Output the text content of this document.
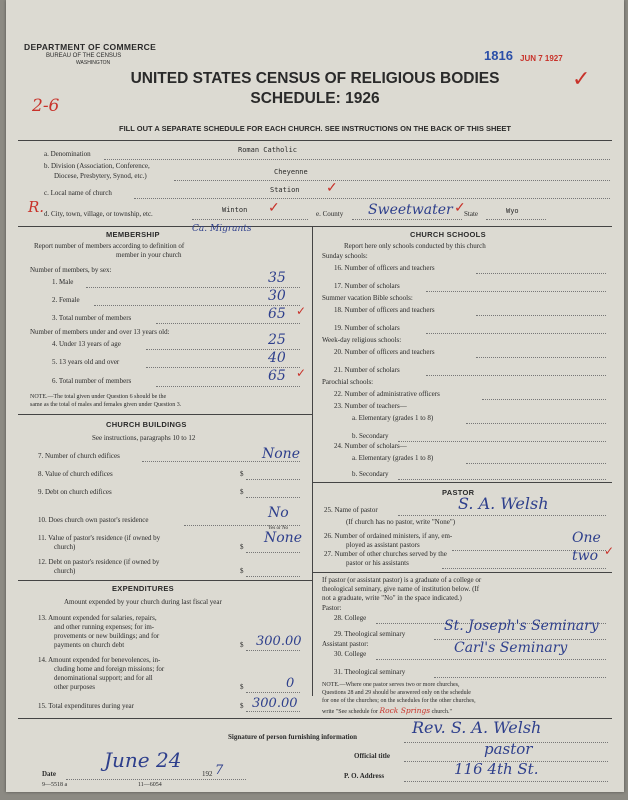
DEPARTMENT OF COMMERCE
BUREAU OF THE CENSUS
WASHINGTON	1816 JUN 7 1927
✓
UNITED STATES CENSUS OF RELIGIOUS BODIES
SCHEDULE: 1926
2-6
FILL OUT A SEPARATE SCHEDULE FOR EACH CHURCH. SEE INSTRUCTIONS ON THE BACK OF THIS SHEET
a. Denomination	Roman Catholic
b. Division (Association, Conference,
Diocese, Presbytery, Synod, etc.)	Cheyenne
c. Local name of church	Station ✓
R. d. City, town, village, or township, etc.	Winton ✓	e. County Sweetwater ✓
State	Wyo
MEMBERSHIP
Ca. Migrants
Report number of members according to definition of
member in your church
Number of members, by sex:
1. Male	35
2. Female	30
3. Total number of members	65 ✓
Number of members under and over 13 years old:
4. Under 13 years of age	25
5. 13 years old and over	40
6. Total number of members	65 ✓
NOTE.—The total given under Question 6 should be the
same as the total of males and females given under Question 3.
CHURCH BUILDINGS
See instructions, paragraphs 10 to 12
7. Number of church edifices	None
8. Value of church edifices	$
9. Debt on church edifices	$
10. Does church own pastor's residence	No
Yes or No
11. Value of pastor's residence (if owned by
church)	$
None
12. Debt on pastor's residence (if owned by
church)	$
EXPENDITURES
Amount expended by your church during last fiscal year
13. Amount expended for salaries, repairs,
and other running expenses; for im-
provements or new buildings; and for
payments on church debt	$ 300.00
14. Amount expended for benevolences, in-
cluding home and foreign missions; for
denominational support; and for all
other purposes	$	0
15. Total expenditures during year	$ 300.00
CHURCH SCHOOLS
Report here only schools conducted by this church
Sunday schools:
16. Number of officers and teachers
17. Number of scholars
Summer vacation Bible schools:
18. Number of officers and teachers
19. Number of scholars
Week-day religious schools:
20. Number of officers and teachers
21. Number of scholars
Parochial schools:
22. Number of administrative officers
23. Number of teachers—
a. Elementary (grades 1 to 8)
b. Secondary
24. Number of scholars—
a. Elementary (grades 1 to 8)
b. Secondary
PASTOR
25. Name of pastor	S. A. Welsh
(If church has no pastor, write "None")
26. Number of ordained ministers, if any, em-
ployed as assistant pastors	One
27. Number of other churches served by the
pastor or his assistants	two ✓
If pastor (or assistant pastor) is a graduate of a college or
theological seminary, give name of institution below. (If
not a graduate, write "No" in the space indicated.)
Pastor:
28. College
29. Theological seminary	St. Joseph's Seminary
Assistant pastor:
30. College	Carl's Seminary
31. Theological seminary
NOTE.—Where one pastor serves two or more churches,
Questions 28 and 29 should be answered only on the schedule
for one of the churches; on the schedules for the other churches,
write "See schedule for Rock Springs church."
Signature of person furnishing information	Rev. S. A. Welsh
Official title	pastor
Date
June 24
192 7
9—5518 a	11—6054
P. O. Address	116 4th St.
